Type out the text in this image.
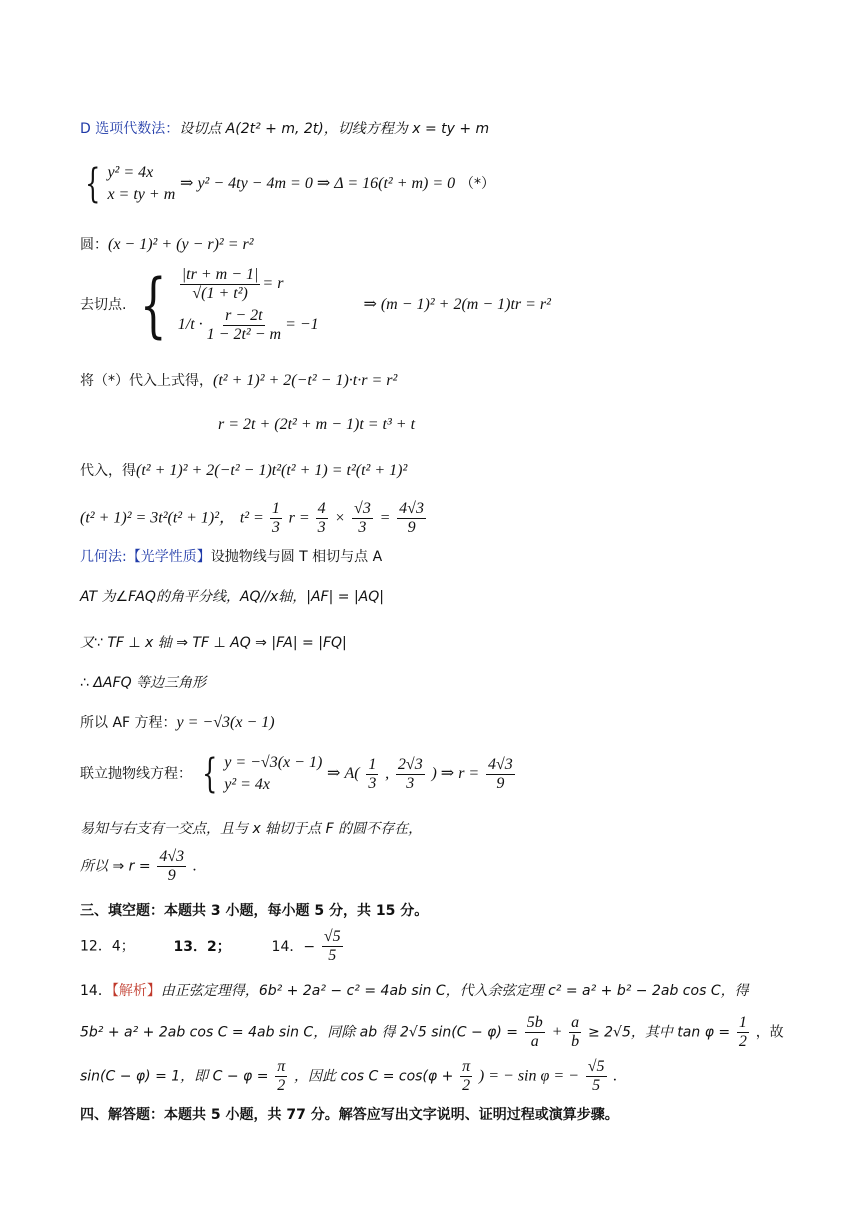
D 选项代数法：设切点 A(2t² + m, 2t)，切线方程为 x = ty + m
{ y² = 4x
x = ty + m
⇒ y² − 4ty − 4m = 0 ⇒ Δ = 16(t² + m) = 0 （*）
圆：(x − 1)² + (y − r)² = r²
去切点. { $\frac{|tr + m - 1|}{\text{√(1 + t²)}} = r$
$1/t \cdot \frac{r - 2t}{\text{1 − 2t² − m}} = -1$
⇒ (m − 1)² + 2(m − 1)tr = r²
将（*）代入上式得，(t² + 1)² + 2(−t² − 1)·t·r = r²
r = 2t + (2t² + m − 1)t = t³ + t
代入，得(t² + 1)² + 2(−t² − 1)t²(t² + 1) = t²(t² + 1)²
(t² + 1)² = 3t²(t² + 1)²， $t^2 = \frac{1}{3}$ $r = \frac{4}{3} \times \frac{√3}{3} = \frac{4√3}{9}$
几何法:【光学性质】设抛物线与圆 T 相切与点 A
AT 为∠FAQ的角平分线，AQ//x轴，|AF| = |AQ|
又∵ TF ⊥ x 轴 ⇒ TF ⊥ AQ ⇒ |FA| = |FQ|
∴ ΔAFQ 等边三角形
所以 AF 方程：y = −√3(x − 1)
联立抛物线方程： { y = −√3(x − 1)
y² = 4x
⇒ $A( \frac{1}{3}$ , $\frac{2√3}{3}$ ) ⇒ $r = \frac{4√3}{9}$
易知与右支有一交点，且与 x 轴切于点 F 的圆不存在，
所以 ⇒ $r = \frac{4√3}{9}$ .
三、填空题：本题共 3 小题，每小题 5 分，共 15 分。
12．4；	13．2；	14．− $\frac{√5}{5}$
14．【解析】由正弦定理得，6b² + 2a² − c² = 4ab sin C，代入余弦定理 c² = a² + b² − 2ab cos C，得
5b² + a² + 2ab cos C = 4ab sin C，同除 ab 得 2√5 $\sin(C - \varphi) = \frac{5b}{a} + \frac{a}{b} \ge 2√5$，其中 $\tan \varphi = \frac{1}{2}$ ，故
sin(C − φ) = 1，即 $C - \varphi = \frac{\pi}{2}$ ，因此 $\cos C = \cos(\varphi + \frac{\pi}{2}$ ) = − sin φ = − $\frac{√5}{5}$ .
四、解答题：本题共 5 小题，共 77 分。解答应写出文字说明、证明过程或演算步骤。
